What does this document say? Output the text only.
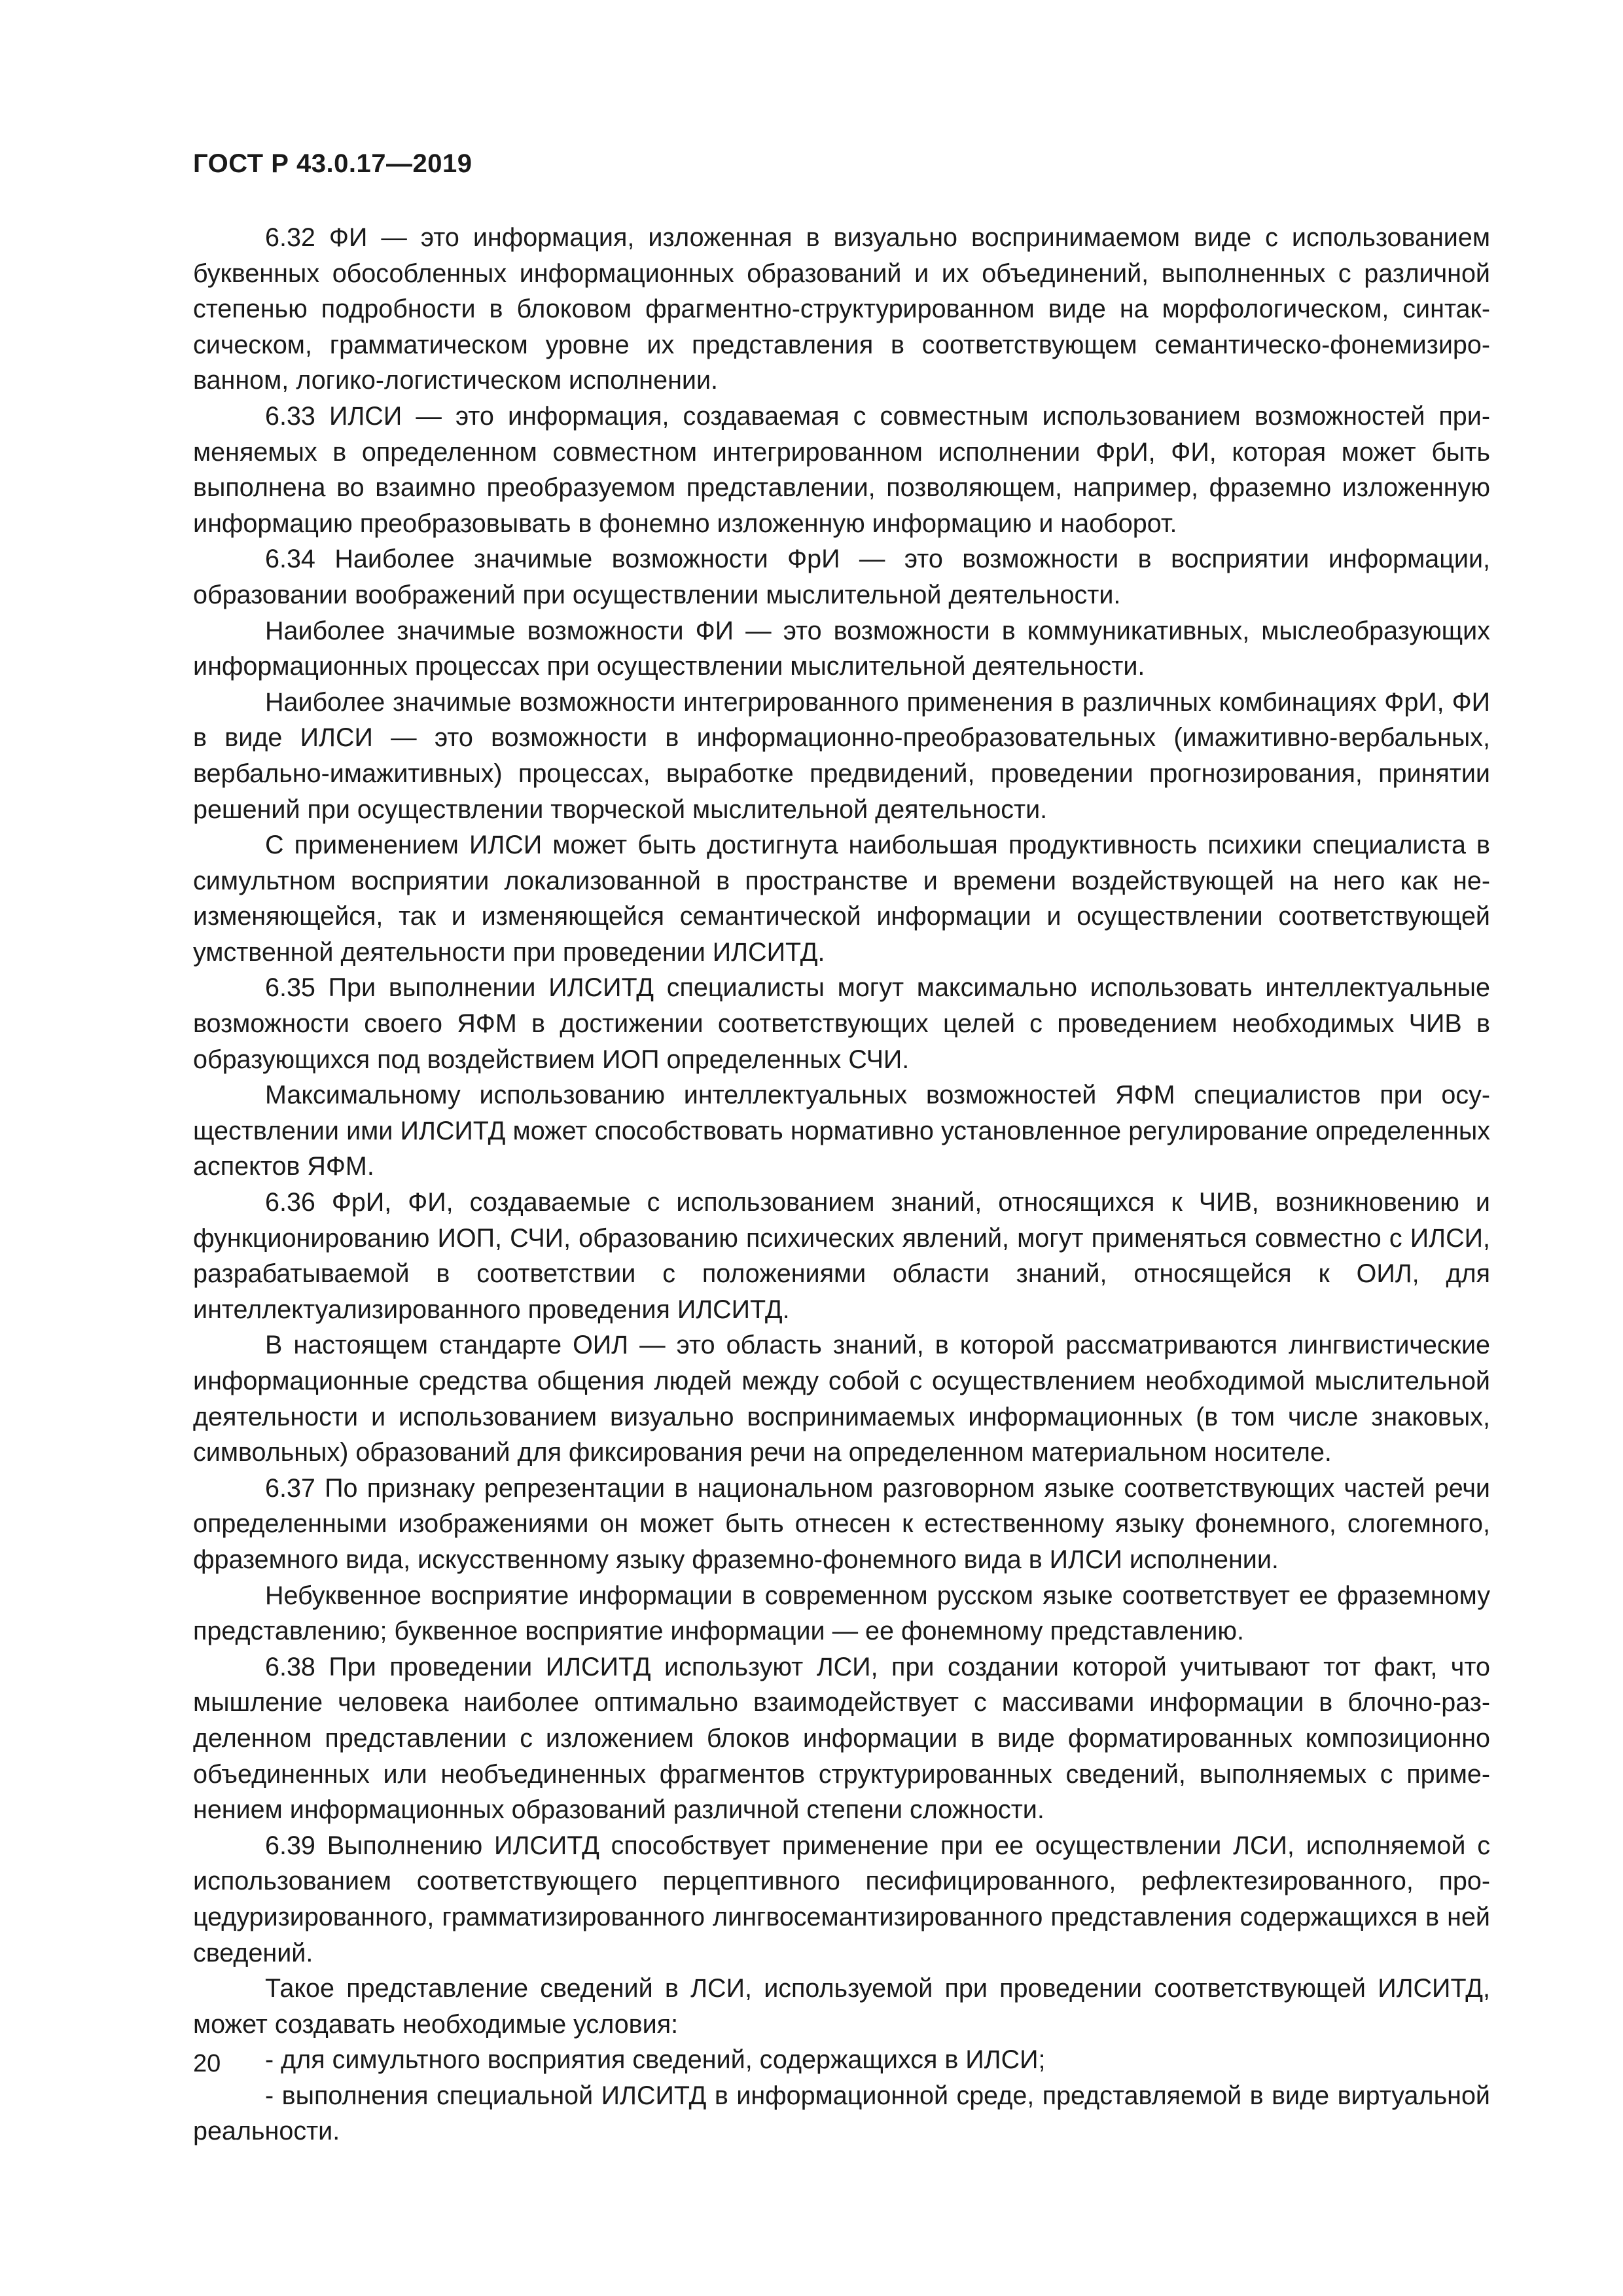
ГОСТ Р 43.0.17—2019

6.32 ФИ — это информация, изложенная в визуально воспринимаемом виде с использованием буквенных обособленных информационных образований и их объединений, выполненных с различной степенью подробности в блоковом фрагментно-структурированном виде на морфологическом, синтаксическом, грамматическом уровне их представления в соответствующем семантическо-фонемизированном, логико-логистическом исполнении.

6.33 ИЛСИ — это информация, создаваемая с совместным использованием возможностей применяемых в определенном совместном интегрированном исполнении ФрИ, ФИ, которая может быть выполнена во взаимно преобразуемом представлении, позволяющем, например, фраземно изложенную информацию преобразовывать в фонемно изложенную информацию и наоборот.

6.34 Наиболее значимые возможности ФрИ — это возможности в восприятии информации, образовании воображений при осуществлении мыслительной деятельности.

Наиболее значимые возможности ФИ — это возможности в коммуникативных, мыслеобразующих информационных процессах при осуществлении мыслительной деятельности.

Наиболее значимые возможности интегрированного применения в различных комбинациях ФрИ, ФИ в виде ИЛСИ — это возможности в информационно-преобразовательных (имажитивно-вербальных, вербально-имажитивных) процессах, выработке предвидений, проведении прогнозирования, принятии решений при осуществлении творческой мыслительной деятельности.

С применением ИЛСИ может быть достигнута наибольшая продуктивность психики специалиста в симультном восприятии локализованной в пространстве и времени воздействующей на него как неизменяющейся, так и изменяющейся семантической информации и осуществлении соответствующей умственной деятельности при проведении ИЛСИТД.

6.35 При выполнении ИЛСИТД специалисты могут максимально использовать интеллектуальные возможности своего ЯФМ в достижении соответствующих целей с проведением необходимых ЧИВ в образующихся под воздействием ИОП определенных СЧИ.

Максимальному использованию интеллектуальных возможностей ЯФМ специалистов при осуществлении ими ИЛСИТД может способствовать нормативно установленное регулирование определенных аспектов ЯФМ.

6.36 ФрИ, ФИ, создаваемые с использованием знаний, относящихся к ЧИВ, возникновению и функционированию ИОП, СЧИ, образованию психических явлений, могут применяться совместно с ИЛСИ, разрабатываемой в соответствии с положениями области знаний, относящейся к ОИЛ, для интеллектуализированного проведения ИЛСИТД.

В настоящем стандарте ОИЛ — это область знаний, в которой рассматриваются лингвистические информационные средства общения людей между собой с осуществлением необходимой мыслительной деятельности и использованием визуально воспринимаемых информационных (в том числе знаковых, символьных) образований для фиксирования речи на определенном материальном носителе.

6.37 По признаку репрезентации в национальном разговорном языке соответствующих частей речи определенными изображениями он может быть отнесен к естественному языку фонемного, слогемного, фраземного вида, искусственному языку фраземно-фонемного вида в ИЛСИ исполнении.

Небуквенное восприятие информации в современном русском языке соответствует ее фраземному представлению; буквенное восприятие информации — ее фонемному представлению.

6.38 При проведении ИЛСИТД используют ЛСИ, при создании которой учитывают тот факт, что мышление человека наиболее оптимально взаимодействует с массивами информации в блочно-разделенном представлении с изложением блоков информации в виде форматированных композиционно объединенных или необъединенных фрагментов структурированных сведений, выполняемых с применением информационных образований различной степени сложности.

6.39 Выполнению ИЛСИТД способствует применение при ее осуществлении ЛСИ, исполняемой с использованием соответствующего перцептивного песифицированного, рефлектезированного, процедуризированного, грамматизированного лингвосемантизированного представления содержащихся в ней сведений.

Такое представление сведений в ЛСИ, используемой при проведении соответствующей ИЛСИТД, может создавать необходимые условия:

- для симультного восприятия сведений, содержащихся в ИЛСИ;

- выполнения специальной ИЛСИТД в информационной среде, представляемой в виде виртуальной реальности.

20
